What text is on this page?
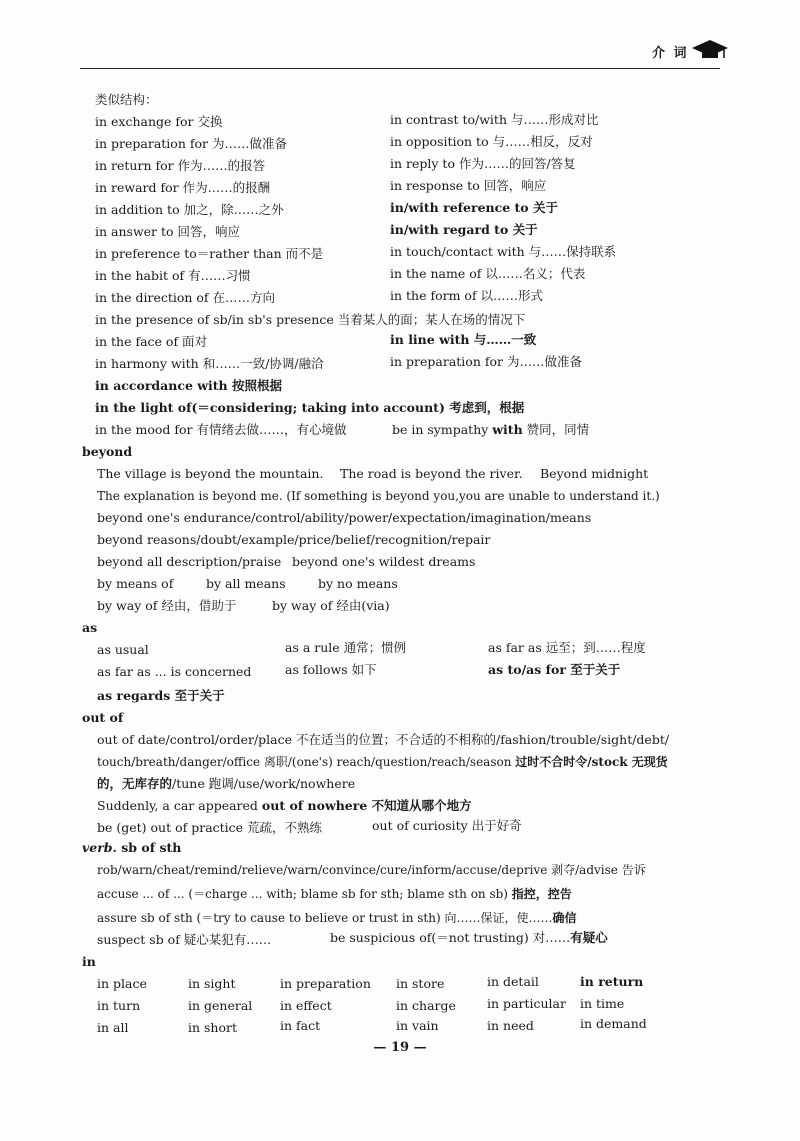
介 词
类似结构：
in exchange for 交换	in contrast to/with 与……形成对比
in preparation for 为……做准备	in opposition to 与……相反，反对
in return for 作为……的报答	in reply to 作为……的回答/答复
in reward for 作为……的报酬	in response to 回答，响应
in addition to 加之，除……之外	in/with reference to 关于
in answer to 回答，响应	in/with regard to 关于
in preference to＝rather than 而不是	in touch/contact with 与……保持联系
in the habit of 有……习惯	in the name of 以……名义；代表
in the direction of 在……方向	in the form of 以……形式
in the presence of sb/in sb's presence 当着某人的面；某人在场的情况下
in the face of 面对	in line with 与……一致
in harmony with 和……一致/协调/融洽	in preparation for 为……做准备
in accordance with 按照根据
in the light of(＝considering; taking into account) 考虑到，根据
in the mood for 有情绪去做……，有心境做	be in sympathy with 赞同，同情
beyond
The village is beyond the mountain. The road is beyond the river. Beyond midnight
The explanation is beyond me. (If something is beyond you,you are unable to understand it.)
beyond one's endurance/control/ability/power/expectation/imagination/means
beyond reasons/doubt/example/price/belief/recognition/repair
beyond all description/praise beyond one's wildest dreams
by means of	by all means	by no means
by way of 经由，借助于	by way of 经由(via)
as
as usual	as a rule 通常；惯例	as far as 远至；到……程度
as far as ... is concerned	as follows 如下	as to/as for 至于关于
as regards 至于关于
out of
out of date/control/order/place 不在适当的位置；不合适的不相称的/fashion/trouble/sight/debt/
touch/breath/danger/office 离职/(one's) reach/question/reach/season 过时不合时令/stock 无现货
的，无库存的/tune 跑调/use/work/nowhere
Suddenly, a car appeared out of nowhere 不知道从哪个地方
be (get) out of practice 荒疏，不熟练	out of curiosity 出于好奇
verb. sb of sth
rob/warn/cheat/remind/relieve/warn/convince/cure/inform/accuse/deprive 剥夺/advise 告诉
accuse ... of ... (＝charge ... with; blame sb for sth; blame sth on sb) 指控，控告
assure sb of sth (＝try to cause to believe or trust in sth) 向……保证，使……确信
suspect sb of 疑心某犯有……	be suspicious of(＝not trusting) 对……有疑心
in
in place	in sight	in preparation in store	in detail	in return
in turn	in general in effect	in charge in particular in time
in all	in short	in fact	in vain	in need	in demand
— 19 —
